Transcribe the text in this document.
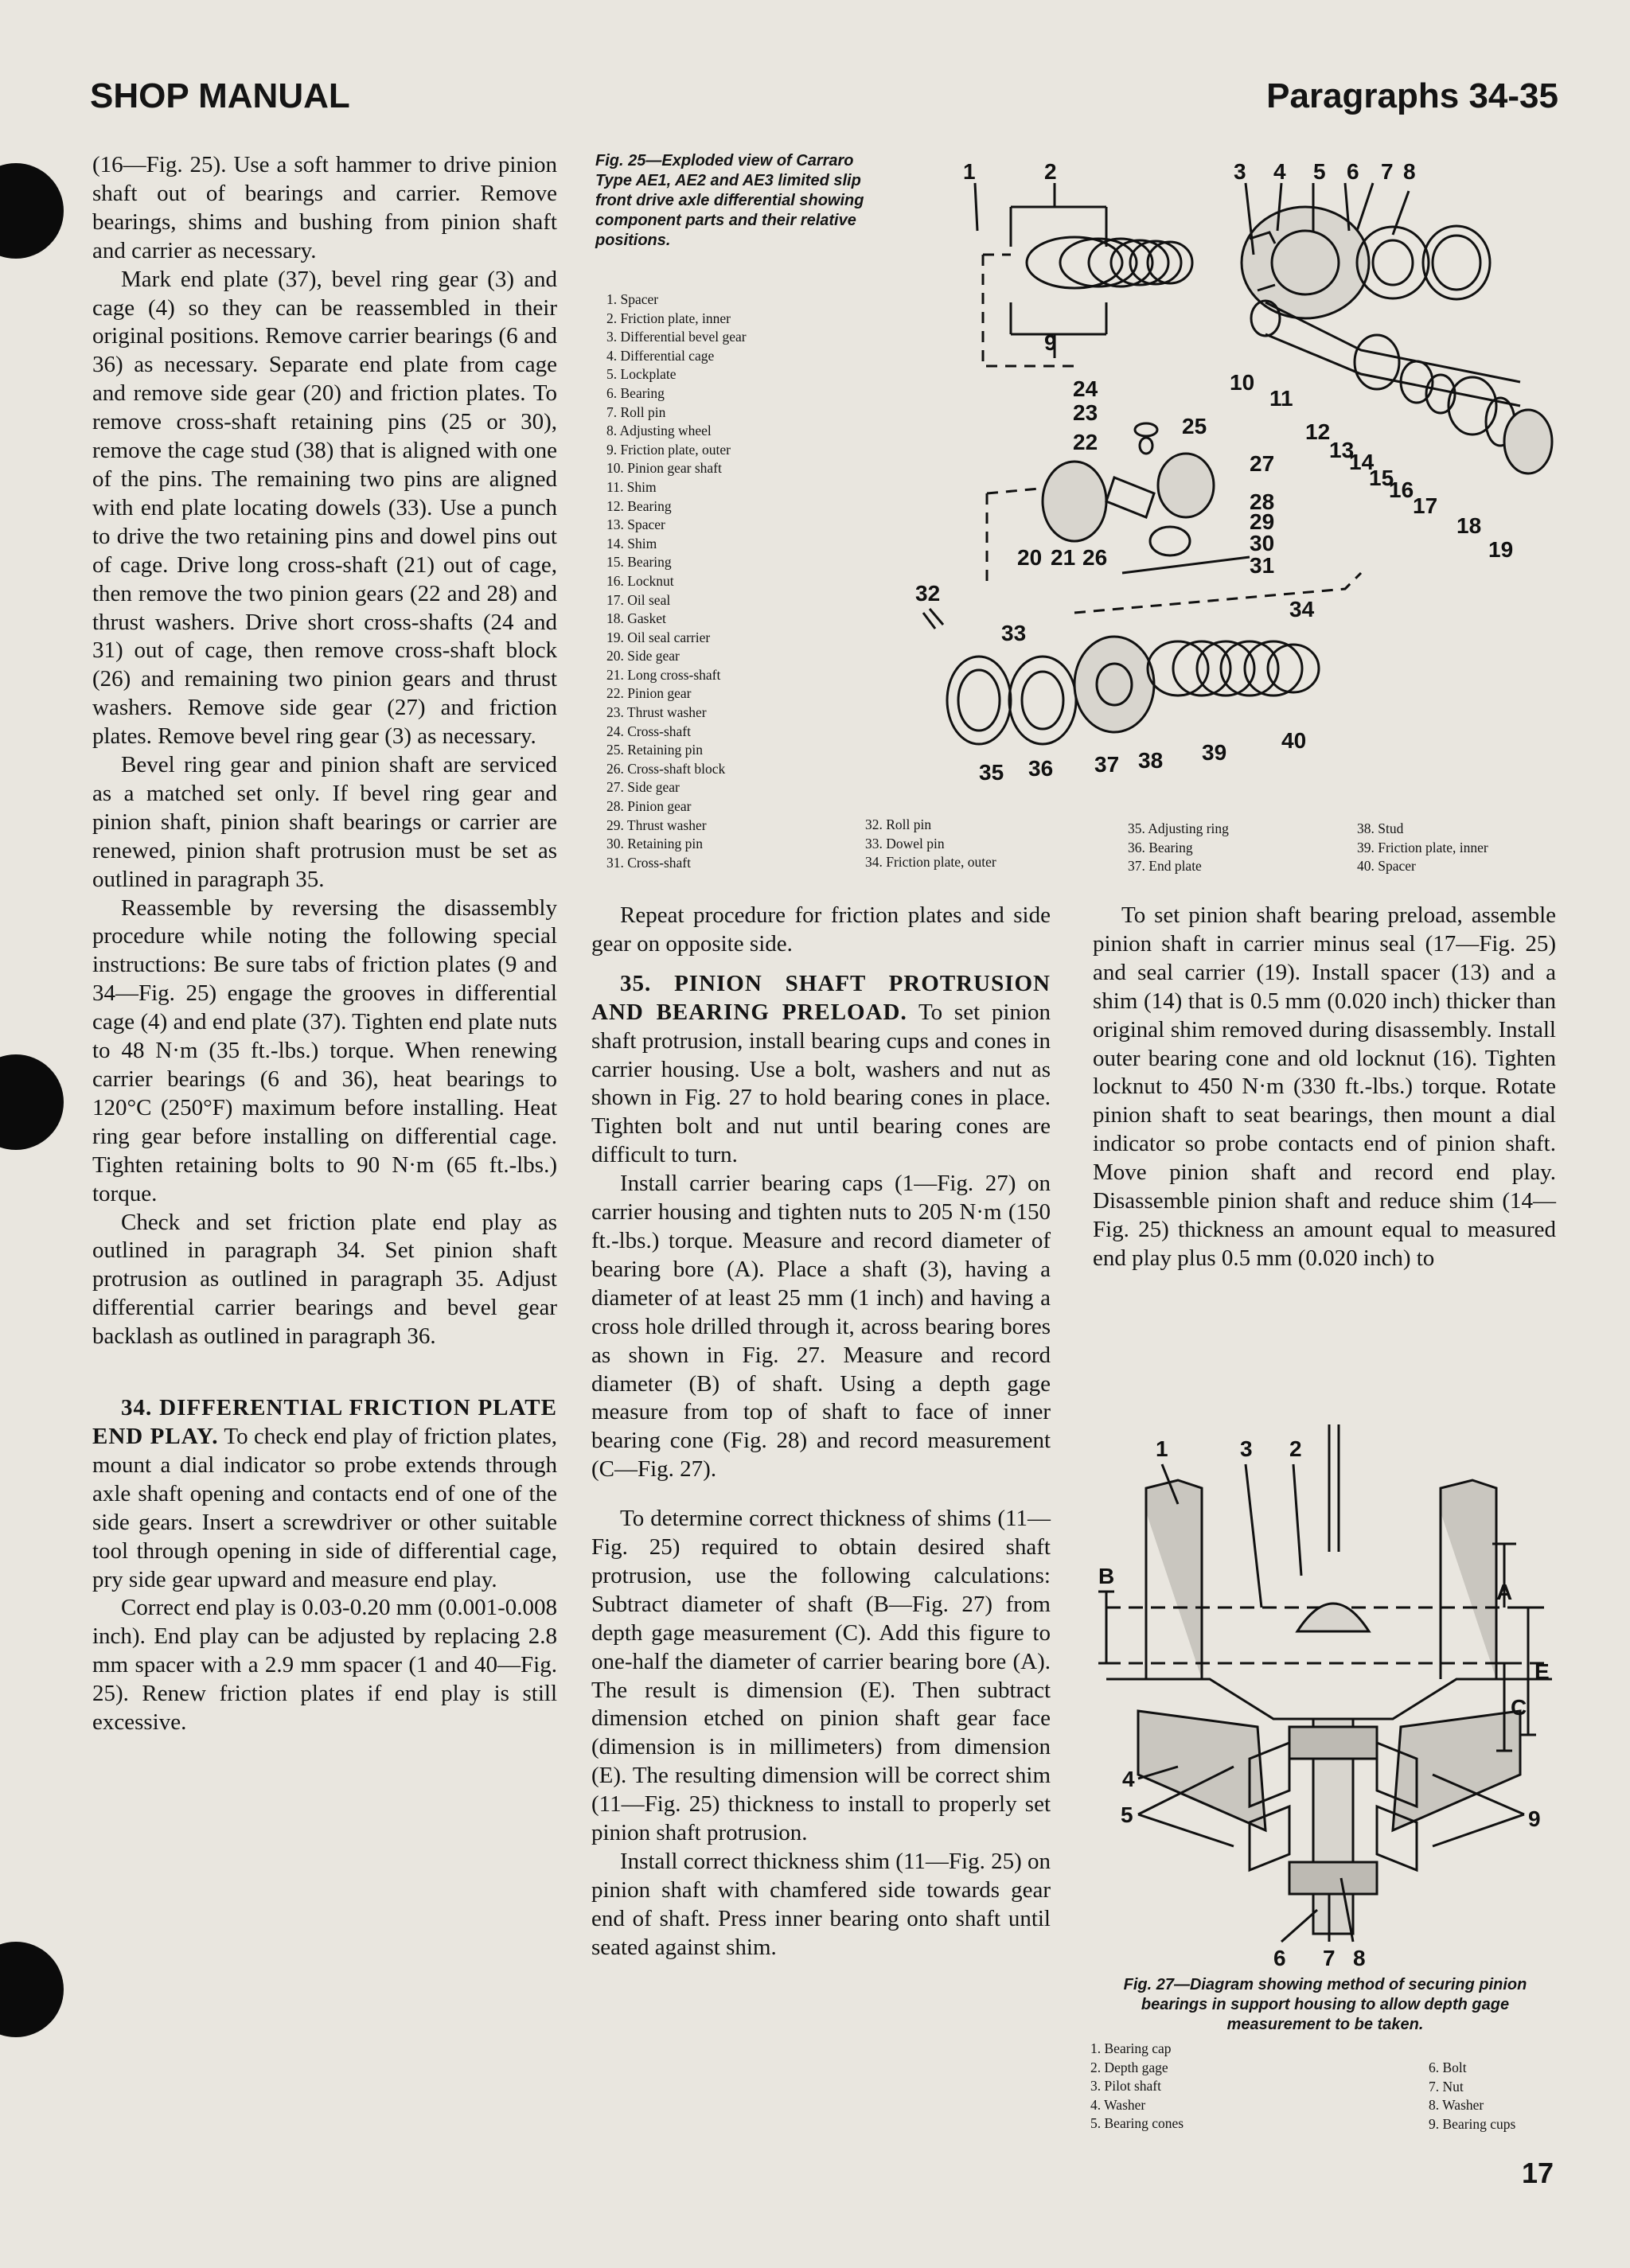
SHOP MANUAL	Paragraphs 34-35

(16—Fig. 25). Use a soft hammer to drive pinion shaft out of bearings and carrier. Remove bearings, shims and bushing from pinion shaft and carrier as necessary.

Mark end plate (37), bevel ring gear (3) and cage (4) so they can be reassembled in their original positions. Remove carrier bearings (6 and 36) as necessary. Separate end plate from cage and remove side gear (20) and friction plates. To remove cross-shaft retaining pins (25 or 30), remove the cage stud (38) that is aligned with one of the pins. The remaining two pins are aligned with end plate locating dowels (33). Use a punch to drive the two retaining pins and dowel pins out of cage. Drive long cross-shaft (21) out of cage, then remove the two pinion gears (22 and 28) and thrust washers. Drive short cross-shafts (24 and 31) out of cage, then remove cross-shaft block (26) and remaining two pinion gears and thrust washers. Remove side gear (27) and friction plates. Remove bevel ring gear (3) as necessary.

Bevel ring gear and pinion shaft are serviced as a matched set only. If bevel ring gear and pinion shaft, pinion shaft bearings or carrier are renewed, pinion shaft protrusion must be set as outlined in paragraph 35.

Reassemble by reversing the disassembly procedure while noting the following special instructions: Be sure tabs of friction plates (9 and 34—Fig. 25) engage the grooves in differential cage (4) and end plate (37). Tighten end plate nuts to 48 N·m (35 ft.-lbs.) torque. When renewing carrier bearings (6 and 36), heat bearings to 120°C (250°F) maximum before installing. Heat ring gear before installing on differential cage. Tighten retaining bolts to 90 N·m (65 ft.-lbs.) torque.

Check and set friction plate end play as outlined in paragraph 34. Set pinion shaft protrusion as outlined in paragraph 35. Adjust differential carrier bearings and bevel gear backlash as outlined in paragraph 36.

34. DIFFERENTIAL FRICTION PLATE END PLAY. To check end play of friction plates, mount a dial indicator so probe extends through axle shaft opening and contacts end of one of the side gears. Insert a screwdriver or other suitable tool through opening in side of differential cage, pry side gear upward and measure end play.

Correct end play is 0.03-0.20 mm (0.001-0.008 inch). End play can be adjusted by replacing 2.8 mm spacer with a 2.9 mm spacer (1 and 40—Fig. 25). Renew friction plates if end play is still excessive.

Fig. 25—Exploded view of Carraro Type AE1, AE2 and AE3 limited slip front drive axle differential showing component parts and their relative positions.
1. Spacer
2. Friction plate, inner
3. Differential bevel gear
4. Differential cage
5. Lockplate
6. Bearing
7. Roll pin
8. Adjusting wheel
9. Friction plate, outer
10. Pinion gear shaft
11. Shim
12. Bearing
13. Spacer
14. Shim
15. Bearing
16. Locknut
17. Oil seal
18. Gasket
19. Oil seal carrier
20. Side gear
21. Long cross-shaft
22. Pinion gear
23. Thrust washer
24. Cross-shaft
25. Retaining pin
26. Cross-shaft block
27. Side gear
28. Pinion gear
29. Thrust washer
30. Retaining pin
31. Cross-shaft
32. Roll pin
33. Dowel pin
34. Friction plate, outer
35. Adjusting ring
36. Bearing
37. End plate
38. Stud
39. Friction plate, inner
40. Spacer
1	2	3 4 5 6 7 8
9
10
11
12
13
14
15
16
17
18
19
24
23
22
25
27
28
29
30
31
20 21 26
32
33
34
35 36 37 38 39 40

Repeat procedure for friction plates and side gear on opposite side.

35. PINION SHAFT PROTRUSION AND BEARING PRELOAD. To set pinion shaft protrusion, install bearing cups and cones in carrier housing. Use a bolt, washers and nut as shown in Fig. 27 to hold bearing cones in place. Tighten bolt and nut until bearing cones are difficult to turn.

Install carrier bearing caps (1—Fig. 27) on carrier housing and tighten nuts to 205 N·m (150 ft.-lbs.) torque. Measure and record diameter of bearing bore (A). Place a shaft (3), having a diameter of at least 25 mm (1 inch) and having a cross hole drilled through it, across bearing bores as shown in Fig. 27. Measure and record diameter (B) of shaft. Using a depth gage measure from top of shaft to face of inner bearing cone (Fig. 28) and record measurement (C—Fig. 27).

To determine correct thickness of shims (11—Fig. 25) required to obtain desired shaft protrusion, use the following calculations: Subtract diameter of shaft (B—Fig. 27) from depth gage measurement (C). Add this figure to one-half the diameter of carrier bearing bore (A). The result is dimension (E). Then subtract dimension etched on pinion shaft gear face (dimension is in millimeters) from dimension (E). The resulting dimension will be correct shim (11—Fig. 25) thickness to install to properly set pinion shaft protrusion.

Install correct thickness shim (11—Fig. 25) on pinion shaft with chamfered side towards gear end of shaft. Press inner bearing onto shaft until seated against shim.

To set pinion shaft bearing preload, assemble pinion shaft in carrier minus seal (17—Fig. 25) and seal carrier (19). Install spacer (13) and a shim (14) that is 0.5 mm (0.020 inch) thicker than original shim removed during disassembly. Install outer bearing cone and old locknut (16). Tighten locknut to 450 N·m (330 ft.-lbs.) torque. Rotate pinion shaft to seat bearings, then mount a dial indicator so probe contacts end of pinion shaft. Move pinion shaft and record end play. Disassemble pinion shaft and reduce shim (14—Fig. 25) thickness an amount equal to measured end play plus 0.5 mm (0.020 inch) to

1	3 2
B
A
E
C
4
5	9
6 7 8
Fig. 27—Diagram showing method of securing pinion bearings in support housing to allow depth gage measurement to be taken.
1. Bearing cap
2. Depth gage
3. Pilot shaft
4. Washer
5. Bearing cones
6. Bolt
7. Nut
8. Washer
9. Bearing cups
17
